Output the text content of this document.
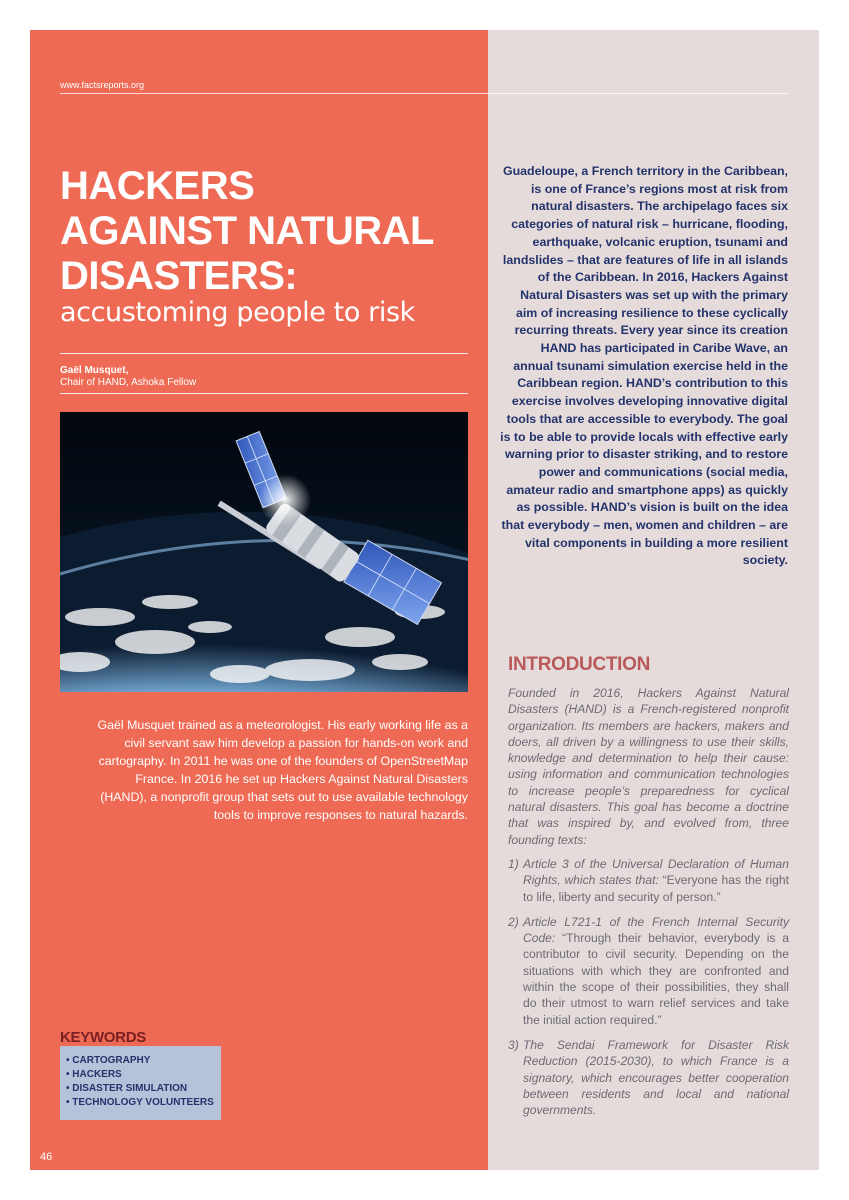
www.factsreports.org
HACKERS
AGAINST NATURAL
DISASTERS:
accustoming people to risk
Gaël Musquet,
Chair of HAND, Ashoka Fellow

Gaël Musquet trained as a meteorologist. His early working life as a civil servant saw him develop a passion for hands-on work and cartography. In 2011 he was one of the founders of OpenStreetMap France. In 2016 he set up Hackers Against Natural Disasters (HAND), a nonprofit group that sets out to use available technology tools to improve responses to natural hazards.

KEYWORDS
• CARTOGRAPHY
• HACKERS
• DISASTER SIMULATION
• TECHNOLOGY VOLUNTEERS
46

Guadeloupe, a French territory in the Caribbean, is one of France’s regions most at risk from natural disasters. The archipelago faces six categories of natural risk – hurricane, flooding, earthquake, volcanic eruption, tsunami and landslides – that are features of life in all islands of the Caribbean. In 2016, Hackers Against Natural Disasters was set up with the primary aim of increasing resilience to these cyclically recurring threats. Every year since its creation HAND has participated in Caribe Wave, an annual tsunami simulation exercise held in the Caribbean region. HAND’s contribution to this exercise involves developing innovative digital tools that are accessible to everybody. The goal is to be able to provide locals with effective early warning prior to disaster striking, and to restore power and communications (social media, amateur radio and smartphone apps) as quickly as possible. HAND’s vision is built on the idea that everybody – men, women and children – are vital components in building a more resilient society.

INTRODUCTION

Founded in 2016, Hackers Against Natural Disasters (HAND) is a French-registered nonprofit organization. Its members are hackers, makers and doers, all driven by a willingness to use their skills, knowledge and determination to help their cause: using information and communication technologies to increase people’s preparedness for cyclical natural disasters. This goal has become a doctrine that was inspired by, and evolved from, three founding texts:

1) Article 3 of the Universal Declaration of Human Rights, which states that: “Everyone has the right to life, liberty and security of person.”
2) Article L721-1 of the French Internal Security Code: “Through their behavior, everybody is a contributor to civil security. Depending on the situations with which they are confronted and within the scope of their possibilities, they shall do their utmost to warn relief services and take the initial action required.”
3) The Sendai Framework for Disaster Risk Reduction (2015-2030), to which France is a signatory, which encourages better cooperation between residents and local and national governments.
